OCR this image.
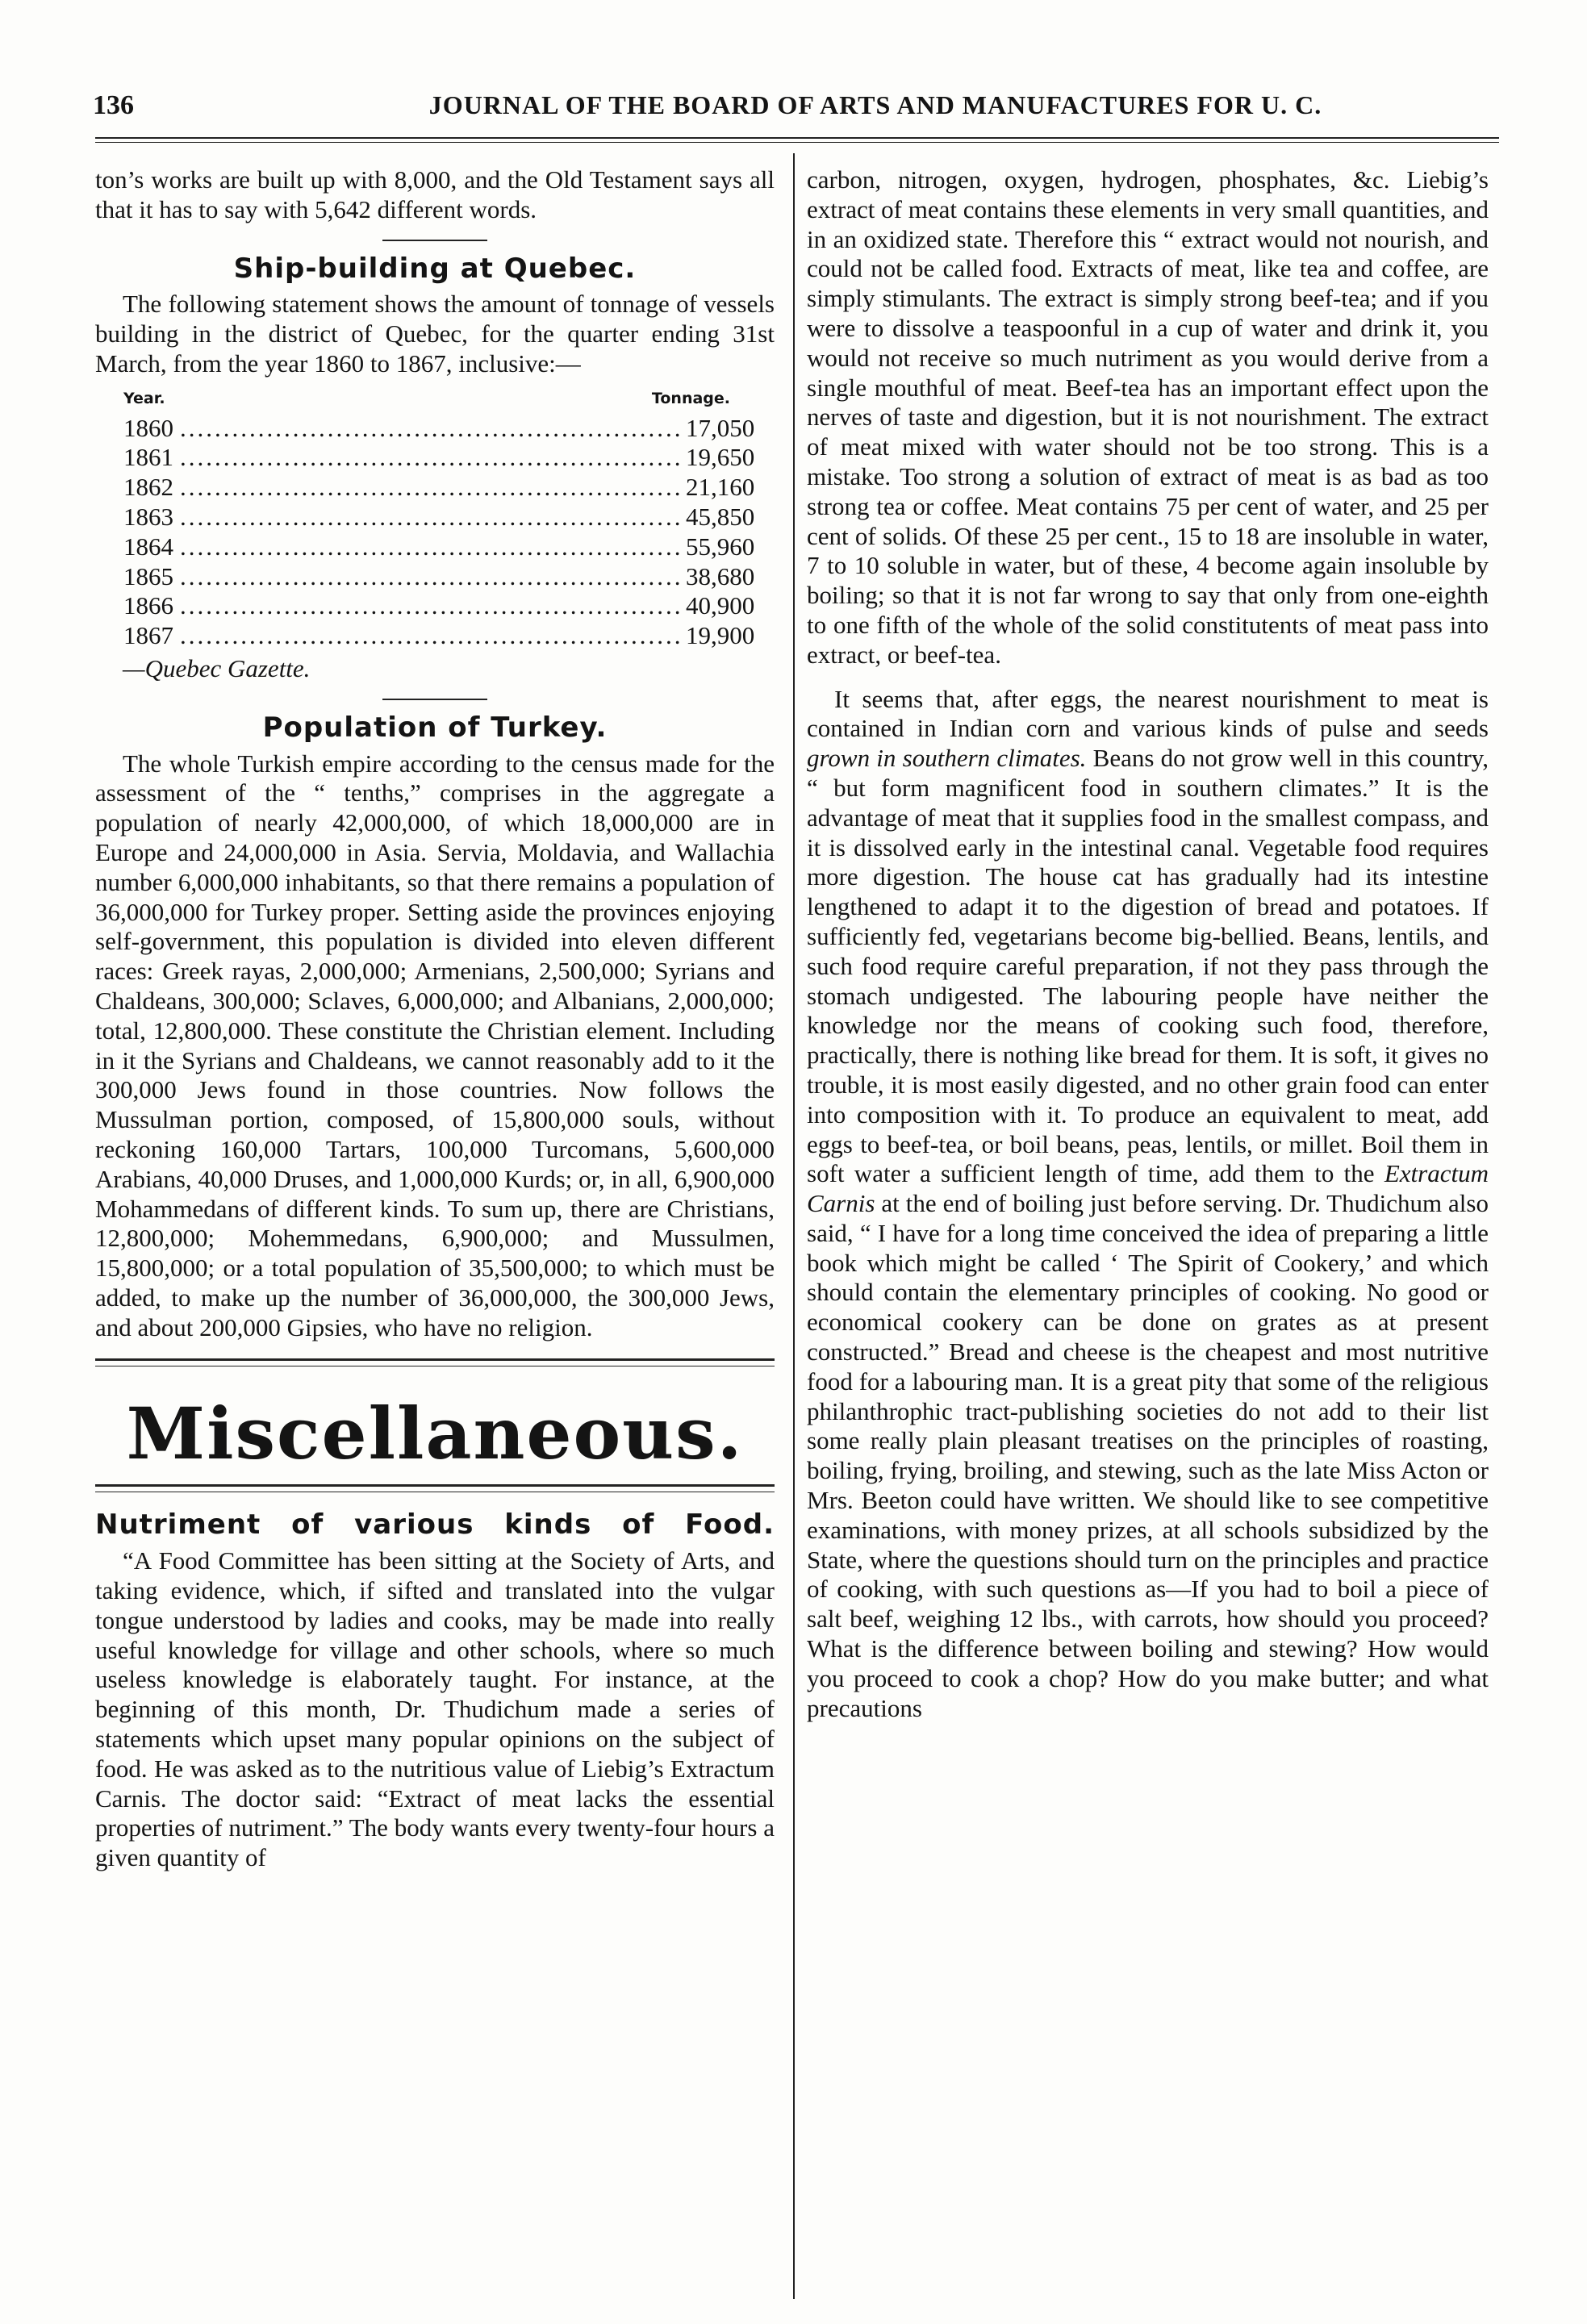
136	JOURNAL OF THE BOARD OF ARTS AND MANUFACTURES FOR U. C.

ton’s works are built up with 8,000, and the Old Testament says all that it has to say with 5,642 different words.

Ship-building at Quebec.

The following statement shows the amount of tonnage of vessels building in the district of Quebec, for the quarter ending 31st March, from the year 1860 to 1867, inclusive:—

Year.	Tonnage.
1860 .....	17,050
1861 .....	19,650
1862 .....	21,160
1863 .....	45,850
1864 .....	55,960
1865 .....	38,680
1866 .....	40,900
1867 .....	19,900

—Quebec Gazette.

Population of Turkey.

The whole Turkish empire according to the census made for the assessment of the “ tenths,” comprises in the aggregate a population of nearly 42,000,000, of which 18,000,000 are in Europe and 24,000,000 in Asia. Servia, Moldavia, and Wallachia number 6,000,000 inhabitants, so that there remains a population of 36,000,000 for Turkey proper. Setting aside the provinces enjoying self-government, this population is divided into eleven different races: Greek rayas, 2,000,000; Armenians, 2,500,000; Syrians and Chaldeans, 300,000; Sclaves, 6,000,000; and Albanians, 2,000,000; total, 12,800,000. These constitute the Christian element. Including in it the Syrians and Chaldeans, we cannot reasonably add to it the 300,000 Jews found in those countries. Now follows the Mussulman portion, composed, of 15,800,000 souls, without reckoning 160,000 Tartars, 100,000 Turcomans, 5,600,000 Arabians, 40,000 Druses, and 1,000,000 Kurds; or, in all, 6,900,000 Mohammedans of different kinds. To sum up, there are Christians, 12,800,000; Mohemmedans, 6,900,000; and Mussulmen, 15,800,000; or a total population of 35,500,000; to which must be added, to make up the number of 36,000,000, the 300,000 Jews, and about 200,000 Gipsies, who have no religion.

Miscellaneous.
Nutriment of various kinds of Food.

“A Food Committee has been sitting at the Society of Arts, and taking evidence, which, if sifted and translated into the vulgar tongue understood by ladies and cooks, may be made into really useful knowledge for village and other schools, where so much useless knowledge is elaborately taught. For instance, at the beginning of this month, Dr. Thudichum made a series of statements which upset many popular opinions on the subject of food. He was asked as to the nutritious value of Liebig’s Extractum Carnis. The doctor said: “Extract of meat lacks the essential properties of nutriment.” The body wants every twenty-four hours a given quantity of

carbon, nitrogen, oxygen, hydrogen, phosphates, &c. Liebig’s extract of meat contains these elements in very small quantities, and in an oxidized state. Therefore this “ extract would not nourish, and could not be called food. Extracts of meat, like tea and coffee, are simply stimulants. The extract is simply strong beef-tea; and if you were to dissolve a teaspoonful in a cup of water and drink it, you would not receive so much nutriment as you would derive from a single mouthful of meat. Beef-tea has an important effect upon the nerves of taste and digestion, but it is not nourishment. The extract of meat mixed with water should not be too strong. This is a mistake. Too strong a solution of extract of meat is as bad as too strong tea or coffee. Meat contains 75 per cent of water, and 25 per cent of solids. Of these 25 per cent., 15 to 18 are insoluble in water, 7 to 10 soluble in water, but of these, 4 become again insoluble by boiling; so that it is not far wrong to say that only from one-eighth to one fifth of the whole of the solid constitutents of meat pass into extract, or beef-tea.

It seems that, after eggs, the nearest nourishment to meat is contained in Indian corn and various kinds of pulse and seeds grown in southern climates. Beans do not grow well in this country, “ but form magnificent food in southern climates.” It is the advantage of meat that it supplies food in the smallest compass, and it is dissolved early in the intestinal canal. Vegetable food requires more digestion. The house cat has gradually had its intestine lengthened to adapt it to the digestion of bread and potatoes. If sufficiently fed, vegetarians become big-bellied. Beans, lentils, and such food require careful preparation, if not they pass through the stomach undigested. The labouring people have neither the knowledge nor the means of cooking such food, therefore, practically, there is nothing like bread for them. It is soft, it gives no trouble, it is most easily digested, and no other grain food can enter into composition with it. To produce an equivalent to meat, add eggs to beef-tea, or boil beans, peas, lentils, or millet. Boil them in soft water a sufficient length of time, add them to the Extractum Carnis at the end of boiling just before serving. Dr. Thudichum also said, “ I have for a long time conceived the idea of preparing a little book which might be called ‘ The Spirit of Cookery,’ and which should contain the elementary principles of cooking. No good or economical cookery can be done on grates as at present constructed.” Bread and cheese is the cheapest and most nutritive food for a labouring man. It is a great pity that some of the religious philanthrophic tract-publishing societies do not add to their list some really plain pleasant treatises on the principles of roasting, boiling, frying, broiling, and stewing, such as the late Miss Acton or Mrs. Beeton could have written. We should like to see competitive examinations, with money prizes, at all schools subsidized by the State, where the questions should turn on the principles and practice of cooking, with such questions as—If you had to boil a piece of salt beef, weighing 12 lbs., with carrots, how should you proceed? What is the difference between boiling and stewing? How would you proceed to cook a chop? How do you make butter; and what precautions
